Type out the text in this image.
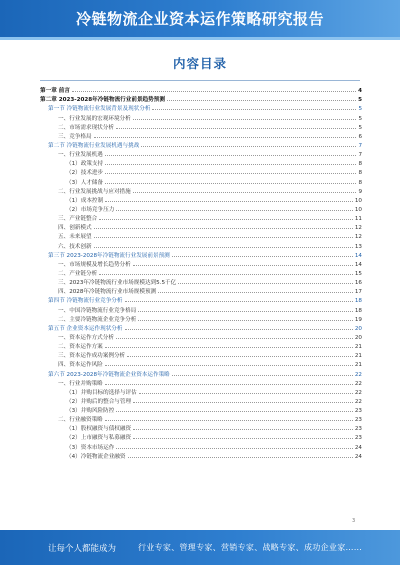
冷链物流企业资本运作策略研究报告
内容目录
第一章 前言	4
第二章 2023-2028年冷链物流行业前景趋势预测	5
第一节 冷链物流行业发展背景及现状分析	5
一、行业发展的宏观环境分析	5
二、市场需求现状分析	5
三、竞争格局	6
第二节 冷链物流行业发展机遇与挑战	7
一、行业发展机遇	7
（1）政策支持	8
（2）技术进步	8
（3）人才储备	8
二、行业发展挑战与应对措施	9
（1）成本控制	10
（2）市场竞争压力	10
三、产业链整合	11
四、创新模式	12
五、未来展望	12
六、技术创新	13
第三节 2023-2028年冷链物流行业发展前景预测	14
一、市场规模及增长趋势分析	14
二、产业链分析	15
三、2023年冷链物流行业市场规模达到5.5千亿	16
四、2028年冷链物流行业市场规模预测	17
第四节 冷链物流行业竞争分析	18
一、中国冷链物流行业竞争格局	18
二、主要冷链物流企业竞争分析	19
第五节 企业资本运作现状分析	20
一、资本运作方式分析	20
二、资本运作方案	21
三、资本运作成功案例分析	21
四、资本运作风险	21
第六节 2023-2028年冷链物流企业资本运作策略	22
一、行业并购策略	22
（1）并购目标的选择与评估	22
（2）并购后的整合与管理	22
（3）并购风险防控	23
二、行业融资策略	23
（1）股权融资与债权融资	23
（2）上市融资与私募融资	23
（3）资本市场运作	24
（4）冷链物流企业融资	24
3
让每个人都能成为	行业专家、管理专家、营销专家、战略专家、成功企业家……
